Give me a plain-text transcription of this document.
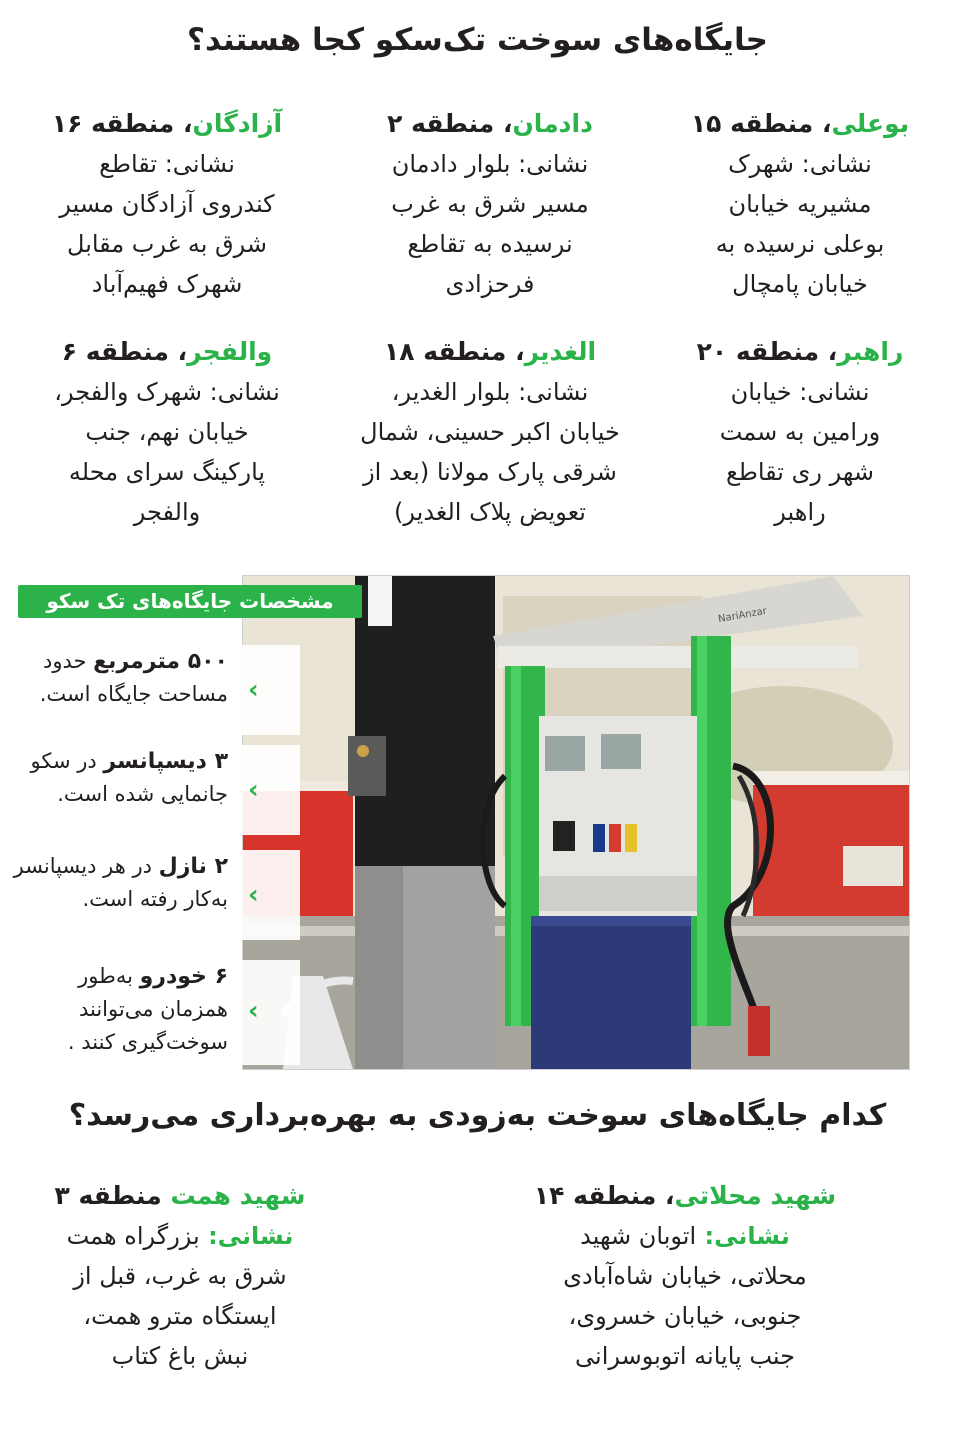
جایگاه‌های سوخت تک‌سکو کجا هستند؟
بوعلی، منطقه ۱۵
نشانی: شهرک
مشیریه خیابان
بوعلی نرسیده به
خیابان پامچال
دادمان، منطقه ۲
نشانی: بلوار دادمان
مسیر شرق به غرب
نرسیده به تقاطع
فرحزادی
آزادگان، منطقه ۱۶
نشانی: تقاطع
کندروی آزادگان مسیر
شرق به غرب مقابل
شهرک فهیم‌آباد
راهبر، منطقه ۲۰
نشانی: خیابان
ورامین به سمت
شهر ری تقاطع
راهبر
الغدیر، منطقه ۱۸
نشانی: بلوار الغدیر،
خیابان اکبر حسینی، شمال
شرقی پارک مولانا (بعد از
تعویض پلاک الغدیر)
والفجر، منطقه ۶
نشانی: شهرک والفجر،
خیابان نهم، جنب
پارکینگ سرای محله
والفجر
NariAnzar
مشخصات جایگاه‌های تک سکو
‹
۵۰۰ مترمربع حدود
مساحت جایگاه است.
‹
۳ دیسپانسر در سکو
جانمایی شده است.
‹
۲ نازل در هر دیسپانسر
به‌کار رفته است.
‹
۶ خودرو به‌طور
همزمان می‌توانند
سوخت‌گیری کنند .
کدام جایگاه‌های سوخت به‌زودی به بهره‌برداری می‌رسد؟
شهید محلاتی، منطقه ۱۴
نشانی: اتوبان شهید
محلاتی، خیابان شاه‌آبادی
جنوبی، خیابان خسروی،
جنب پایانه اتوبوسرانی
شهید همت منطقه ۳
نشانی: بزرگراه همت
شرق به غرب، قبل از
ایستگاه مترو همت،
نبش باغ کتاب
